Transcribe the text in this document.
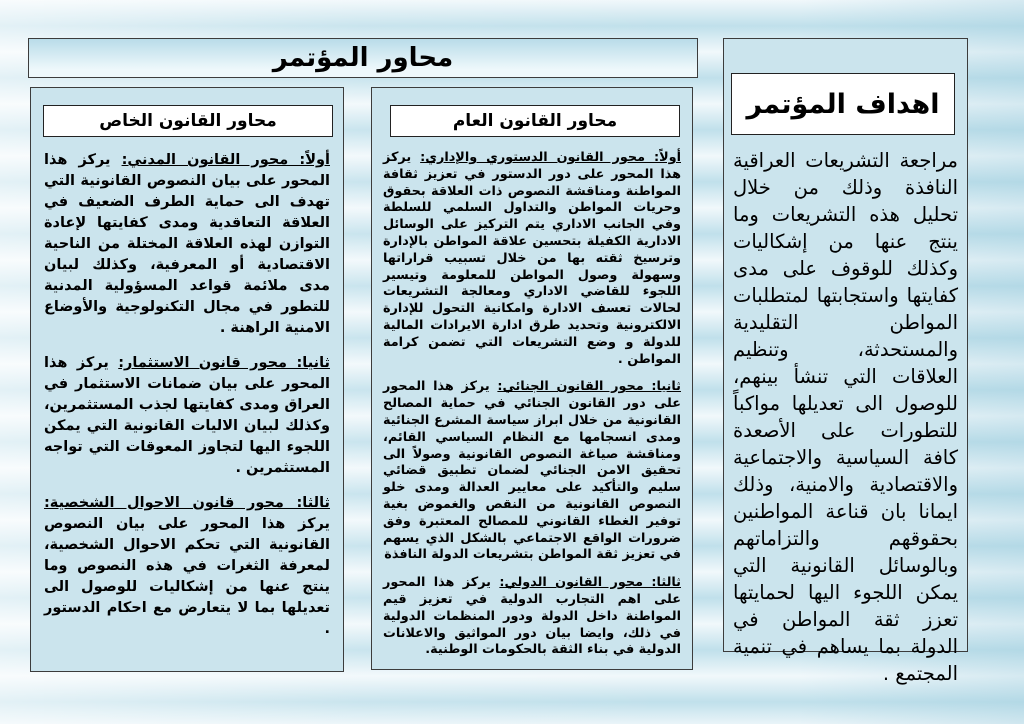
محاور المؤتمر
اهداف المؤتمر

مراجعة التشريعات العراقية النافذة وذلك من خلال تحليل هذه التشريعات وما ينتج عنها من إشكاليات وكذلك للوقوف على مدى كفايتها واستجابتها لمتطلبات المواطن التقليدية والمستحدثة، وتنظيم العلاقات التي تنشأ بينهم، للوصول الى تعديلها مواكباً للتطورات على الأصعدة كافة السياسية والاجتماعية والاقتصادية والامنية، وذلك ايمانا بان قناعة المواطنين بحقوقهم والتزاماتهم وبالوسائل القانونية التي يمكن اللجوء اليها لحمايتها تعزز ثقة المواطن في الدولة بما يساهم في تنمية المجتمع .

محاور القانون العام

أولاً: محور القانون الدستوري والإداري: يركز هذا المحور على دور الدستور في تعزيز ثقافة المواطنة ومناقشة النصوص ذات العلاقة بحقوق وحريات المواطن والتداول السلمي للسلطة وفي الجانب الاداري يتم التركيز على الوسائل الادارية الكفيلة بتحسين علاقة المواطن بالإدارة وترسيخ ثقته بها من خلال تسبيب قراراتها وسهولة وصول المواطن للمعلومة وتيسير اللجوء للقاضي الاداري ومعالجة التشريعات لحالات تعسف الادارة وامكانية التحول للإدارة الالكترونية وتحديد طرق ادارة الايرادات المالية للدولة و وضع التشريعات التي تضمن كرامة المواطن .

ثانيا: محور القانون الجنائي: يركز هذا المحور على دور القانون الجنائي في حماية المصالح القانونية من خلال ابراز سياسة المشرع الجنائية ومدى انسجامها مع النظام السياسي القائم، ومناقشة صياغة النصوص القانونية وصولاً الى تحقيق الامن الجنائي لضمان تطبيق قضائي سليم والتأكيد على معايير العدالة ومدى خلو النصوص القانونية من النقص والغموض بغية توفير الغطاء القانوني للمصالح المعتبرة وفق ضرورات الواقع الاجتماعي بالشكل الذي يسهم في تعزيز ثقة المواطن بتشريعات الدولة النافذة

ثالثا: محور القانون الدولي: يركز هذا المحور على اهم التجارب الدولية في تعزيز قيم المواطنة داخل الدولة ودور المنظمات الدولية في ذلك، وايضا بيان دور المواثيق والاعلانات الدولية في بناء الثقة بالحكومات الوطنية.

محاور القانون الخاص

أولاً: محور القانون المدني: يركز هذا المحور على بيان النصوص القانونية التي تهدف الى حماية الطرف الضعيف في العلاقة التعاقدية ومدى كفايتها لإعادة التوازن لهذه العلاقة المختلة من الناحية الاقتصادية أو المعرفية، وكذلك لبيان مدى ملائمة قواعد المسؤولية المدنية للتطور في مجال التكنولوجية والأوضاع الامنية الراهنة .

ثانيا: محور قانون الاستثمار: يركز هذا المحور على بيان ضمانات الاستثمار في العراق ومدى كفايتها لجذب المستثمرين، وكذلك لبيان الاليات القانونية التي يمكن اللجوء اليها لتجاوز المعوقات التي تواجه المستثمرين .

ثالثا: محور قانون الاحوال الشخصية: يركز هذا المحور على بيان النصوص القانونية التي تحكم الاحوال الشخصية، لمعرفة الثغرات في هذه النصوص وما ينتج عنها من إشكاليات للوصول الى تعديلها بما لا يتعارض مع احكام الدستور .
